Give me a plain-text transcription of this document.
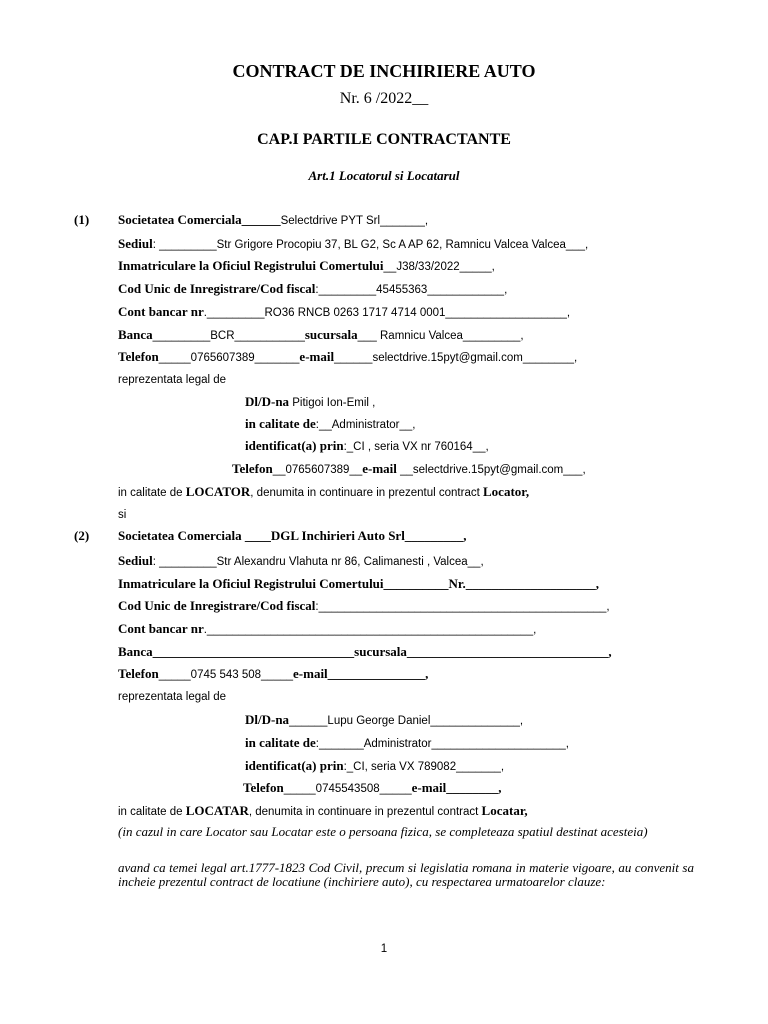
CONTRACT DE INCHIRIERE AUTO
Nr. 6 /2022__
CAP.I PARTILE CONTRACTANTE
Art.1 Locatorul si Locatarul
(1) Societatea Comerciala______Selectdrive PYT Srl_______,
Sediul: _________Str Grigore Procopiu 37, BL G2, Sc A AP 62, Ramnicu Valcea Valcea___,
Inmatriculare la Oficiul Registrului Comertului__J38/33/2022_____,
Cod Unic de Inregistrare/Cod fiscal:_________45455363____________,
Cont bancar nr._________RO36 RNCB 0263 1717 4714 0001___________________,
Banca_________BCR___________sucursala___ Ramnicu Valcea_________,
Telefon_____0765607389_______e-mail______selectdrive.15pyt@gmail.com________,
reprezentata legal de
Dl/D-na Pitigoi Ion-Emil ,
in calitate de:__Administrator__,
identificat(a) prin:_CI , seria VX nr 760164__,
Telefon__0765607389__e-mail __selectdrive.15pyt@gmail.com___,
in calitate de LOCATOR, denumita in continuare in prezentul contract Locator,
si
(2) Societatea Comerciala ____DGL Inchirieri Auto Srl_________,
Sediul: _________Str Alexandru Vlahuta nr 86, Calimanesti , Valcea__,
Inmatriculare la Oficiul Registrului Comertului__________Nr.____________________,
Cod Unic de Inregistrare/Cod fiscal:_____________________________________________,
Cont bancar nr.___________________________________________________,
Banca_______________________________sucursala_______________________________,
Telefon_____0745 543 508_____e-mail_______________,
reprezentata legal de
Dl/D-na______Lupu George Daniel______________,
in calitate de:_______Administrator_____________________,
identificat(a) prin:_CI, seria VX 789082_______,
Telefon_____0745543508_____e-mail________,
in calitate de LOCATAR, denumita in continuare in prezentul contract Locatar,
(in cazul in care Locator sau Locatar este o persoana fizica, se completeaza spatiul destinat acesteia)
avand ca temei legal art.1777-1823 Cod Civil, precum si legislatia romana in materie vigoare, au convenit sa incheie prezentul contract de locatiune (inchiriere auto), cu respectarea urmatoarelor clauze:
1
